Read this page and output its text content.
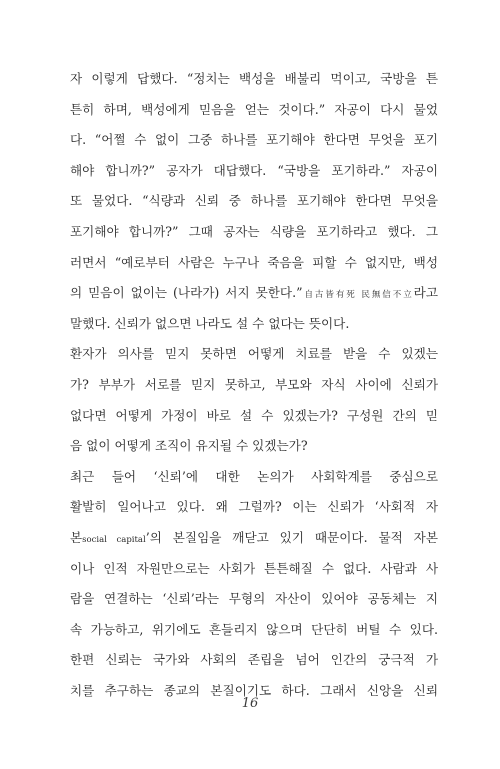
자 이렇게 답했다. “정치는 백성을 배불리 먹이고, 국방을 튼
튼히 하며, 백성에게 믿음을 얻는 것이다.” 자공이 다시 물었
다. “어쩔 수 없이 그중 하나를 포기해야 한다면 무엇을 포기
해야 합니까?” 공자가 대답했다. “국방을 포기하라.” 자공이
또 물었다. “식량과 신뢰 중 하나를 포기해야 한다면 무엇을
포기해야 합니까?” 그때 공자는 식량을 포기하라고 했다. 그
러면서 “예로부터 사람은 누구나 죽음을 피할 수 없지만, 백성
의 믿음이 없이는 (나라가) 서지 못한다.”自古皆有死 民無信不立라고
말했다. 신뢰가 없으면 나라도 설 수 없다는 뜻이다.
환자가 의사를 믿지 못하면 어떻게 치료를 받을 수 있겠는
가? 부부가 서로를 믿지 못하고, 부모와 자식 사이에 신뢰가
없다면 어떻게 가정이 바로 설 수 있겠는가? 구성원 간의 믿
음 없이 어떻게 조직이 유지될 수 있겠는가?
최근 들어 ‘신뢰’에 대한 논의가 사회학계를 중심으로
활발히 일어나고 있다. 왜 그럴까? 이는 신뢰가 ‘사회적 자
본social capital’의 본질임을 깨닫고 있기 때문이다. 물적 자본
이나 인적 자원만으로는 사회가 튼튼해질 수 없다. 사람과 사
람을 연결하는 ‘신뢰’라는 무형의 자산이 있어야 공동체는 지
속 가능하고, 위기에도 흔들리지 않으며 단단히 버틸 수 있다.
한편 신뢰는 국가와 사회의 존립을 넘어 인간의 궁극적 가
치를 추구하는 종교의 본질이기도 하다. 그래서 신앙을 신뢰
16
